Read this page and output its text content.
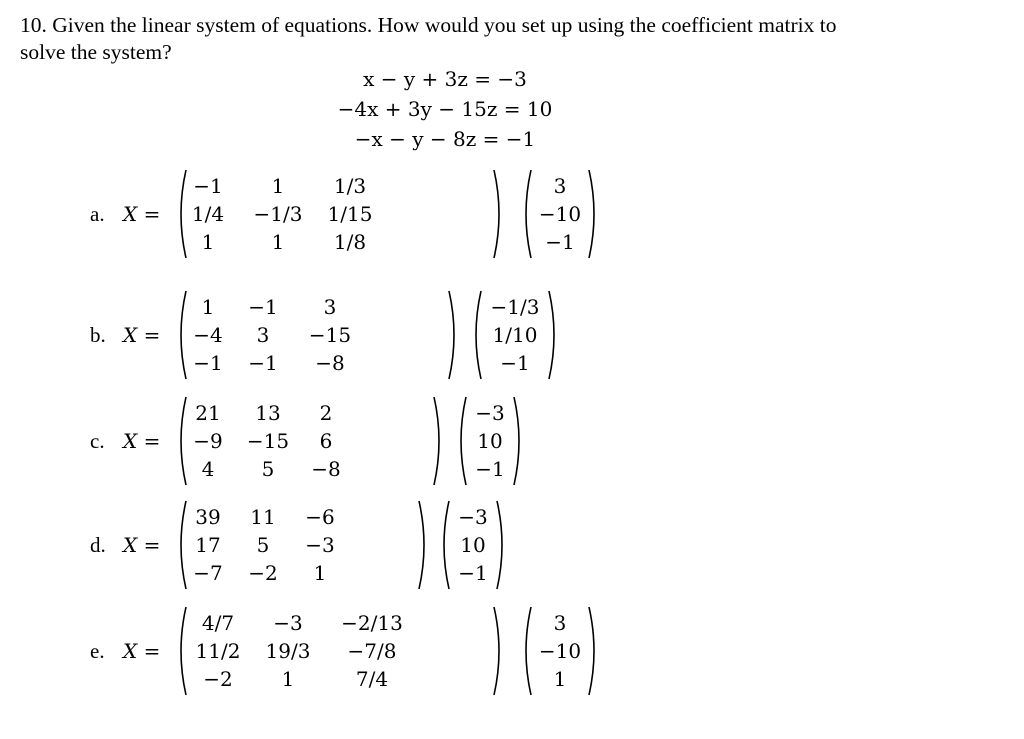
10. Given the linear system of equations. How would you set up using the coefficient matrix to solve the system?
x − y + 3z = −3
−4x + 3y − 15z = 10
−x − y − 8z = −1
a. X =
−1	1	1/3
1/4	−1/3	1/15
1	1	1/8
3
−10
−1
b. X =
1	−1	3
−4	3	−15
−1	−1	−8
−1/3
1/10
−1
c. X =
21	13	2
−9	−15	6
4	5	−8
−3
10
−1
d. X =
39	11	−6
17	5	−3
−7	−2	1
−3
10
−1
e. X =
4/7	−3	−2/13
11/2	19/3	−7/8
−2	1	7/4
3
−10
1
